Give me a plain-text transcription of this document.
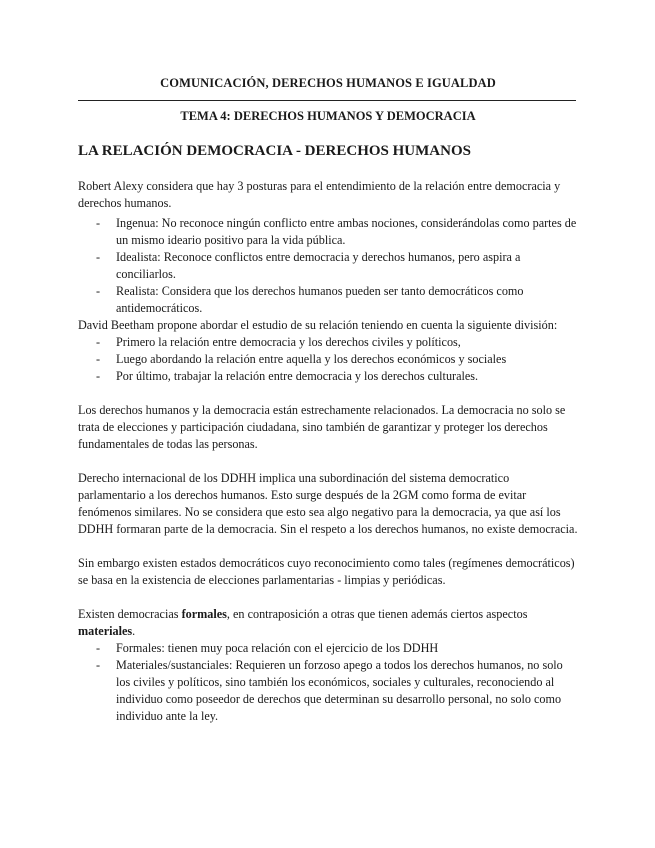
COMUNICACIÓN, DERECHOS HUMANOS E IGUALDAD
TEMA 4: DERECHOS HUMANOS Y DEMOCRACIA
LA RELACIÓN DEMOCRACIA - DERECHOS HUMANOS

Robert Alexy considera que hay 3 posturas para el entendimiento de la relación entre democracia y derechos humanos.

- Ingenua: No reconoce ningún conflicto entre ambas nociones, considerándolas como partes de un mismo ideario positivo para la vida pública.
- Idealista: Reconoce conflictos entre democracia y derechos humanos, pero aspira a conciliarlos.
- Realista: Considera que los derechos humanos pueden ser tanto democráticos como antidemocráticos.

David Beetham propone abordar el estudio de su relación teniendo en cuenta la siguiente división:

- Primero la relación entre democracia y los derechos civiles y políticos,
- Luego abordando la relación entre aquella y los derechos económicos y sociales
- Por último, trabajar la relación entre democracia y los derechos culturales.

Los derechos humanos y la democracia están estrechamente relacionados. La democracia no solo se trata de elecciones y participación ciudadana, sino también de garantizar y proteger los derechos fundamentales de todas las personas.

Derecho internacional de los DDHH implica una subordinación del sistema democratico parlamentario a los derechos humanos. Esto surge después de la 2GM como forma de evitar fenómenos similares. No se considera que esto sea algo negativo para la democracia, ya que así los DDHH formaran parte de la democracia. Sin el respeto a los derechos humanos, no existe democracia.

Sin embargo existen estados democráticos cuyo reconocimiento como tales (regímenes democráticos) se basa en la existencia de elecciones parlamentarias - limpias y periódicas.

Existen democracias formales, en contraposición a otras que tienen además ciertos aspectos materiales.

- Formales: tienen muy poca relación con el ejercicio de los DDHH
- Materiales/sustanciales: Requieren un forzoso apego a todos los derechos humanos, no solo los civiles y políticos, sino también los económicos, sociales y culturales, reconociendo al individuo como poseedor de derechos que determinan su desarrollo personal, no solo como individuo ante la ley.
